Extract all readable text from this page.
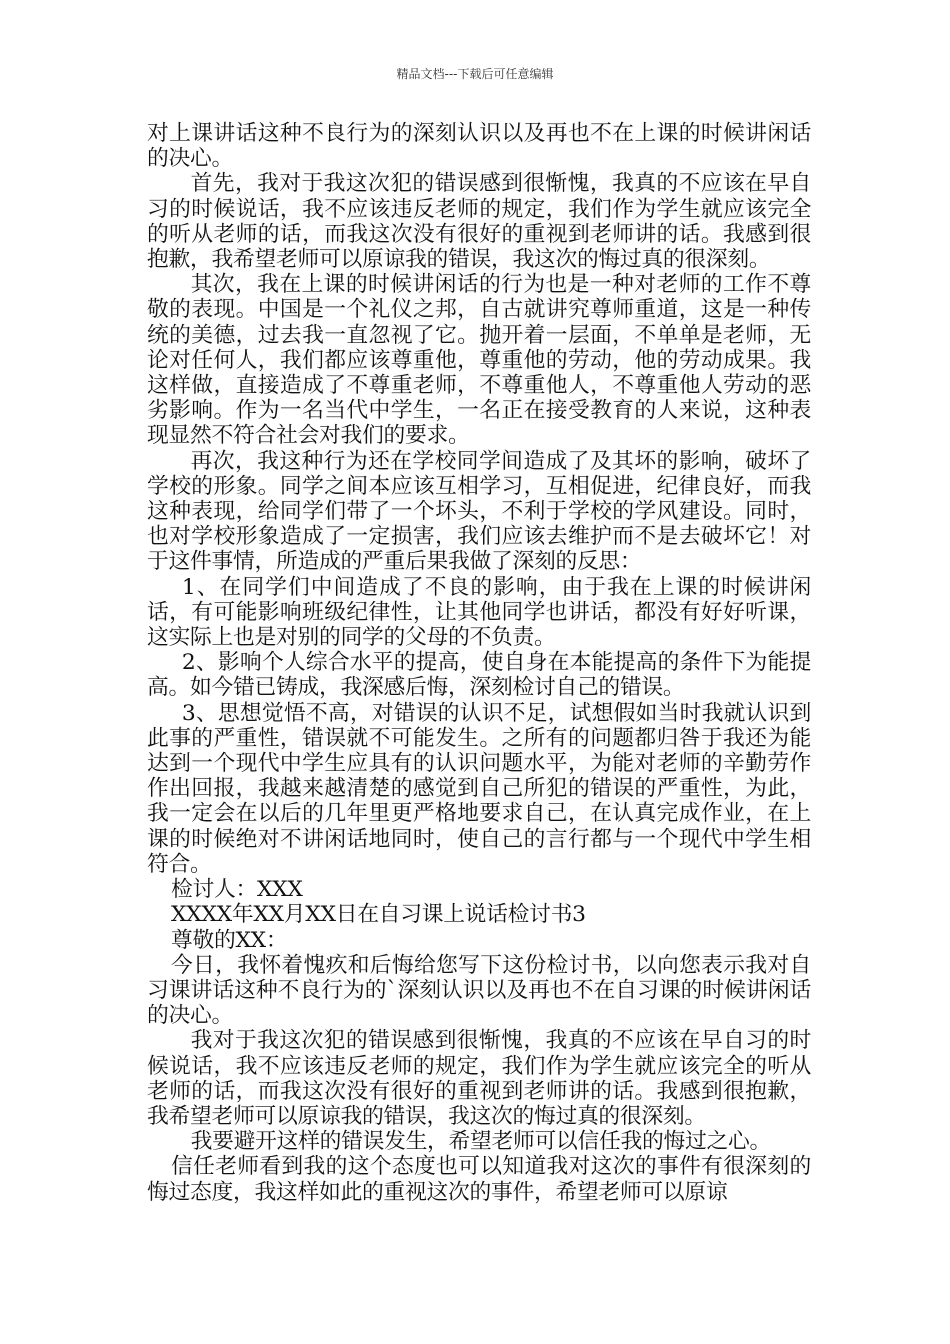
精品文档---下载后可任意编辑

对上课讲话这种不良行为的深刻认识以及再也不在上课的时候讲闲话的决心。

首先，我对于我这次犯的错误感到很惭愧，我真的不应该在早自习的时候说话，我不应该违反老师的规定，我们作为学生就应该完全的听从老师的话，而我这次没有很好的重视到老师讲的话。我感到很抱歉，我希望老师可以原谅我的错误，我这次的悔过真的很深刻。

其次，我在上课的时候讲闲话的行为也是一种对老师的工作不尊敬的表现。中国是一个礼仪之邦，自古就讲究尊师重道，这是一种传统的美德，过去我一直忽视了它。抛开着一层面，不单单是老师，无论对任何人，我们都应该尊重他，尊重他的劳动，他的劳动成果。我这样做，直接造成了不尊重老师，不尊重他人，不尊重他人劳动的恶劣影响。作为一名当代中学生，一名正在接受教育的人来说，这种表现显然不符合社会对我们的要求。

再次，我这种行为还在学校同学间造成了及其坏的影响，破坏了学校的形象。同学之间本应该互相学习，互相促进，纪律良好，而我这种表现，给同学们带了一个坏头，不利于学校的学风建设。同时，也对学校形象造成了一定损害，我们应该去维护而不是去破坏它！对于这件事情，所造成的严重后果我做了深刻的反思：

1、在同学们中间造成了不良的影响，由于我在上课的时候讲闲话，有可能影响班级纪律性，让其他同学也讲话，都没有好好听课，这实际上也是对别的同学的父母的不负责。

2、影响个人综合水平的提高，使自身在本能提高的条件下为能提高。如今错已铸成，我深感后悔，深刻检讨自己的错误。

3、思想觉悟不高，对错误的认识不足，试想假如当时我就认识到此事的严重性，错误就不可能发生。之所有的问题都归咎于我还为能达到一个现代中学生应具有的认识问题水平，为能对老师的辛勤劳作作出回报，我越来越清楚的感觉到自己所犯的错误的严重性，为此，我一定会在以后的几年里更严格地要求自己，在认真完成作业，在上课的时候绝对不讲闲话地同时，使自己的言行都与一个现代中学生相符合。

检讨人：XXX

XXXX年XX月XX日在自习课上说话检讨书3

尊敬的XX：

今日，我怀着愧疚和后悔给您写下这份检讨书，以向您表示我对自习课讲话这种不良行为的`深刻认识以及再也不在自习课的时候讲闲话的决心。

我对于我这次犯的错误感到很惭愧，我真的不应该在早自习的时候说话，我不应该违反老师的规定，我们作为学生就应该完全的听从老师的话，而我这次没有很好的重视到老师讲的话。我感到很抱歉，我希望老师可以原谅我的错误，我这次的悔过真的很深刻。

我要避开这样的错误发生，希望老师可以信任我的悔过之心。

信任老师看到我的这个态度也可以知道我对这次的事件有很深刻的悔过态度，我这样如此的重视这次的事件，希望老师可以原谅
